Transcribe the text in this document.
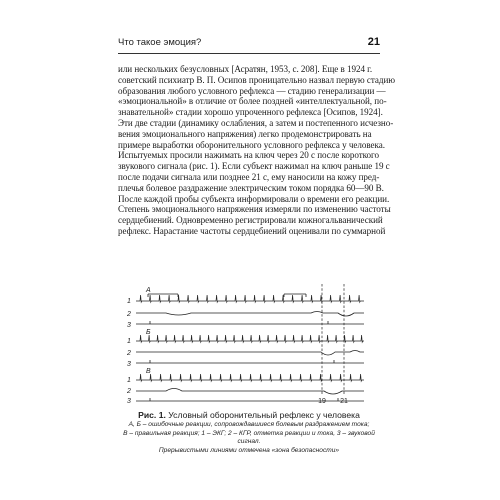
Что такое эмоция?	21
или нескольких безусловных [Асратян, 1953, с. 208]. Еще в 1924 г.
советский психиатр В. П. Осипов проницательно назвал первую стадию
образования любого условного рефлекса — стадию генерализации —
«эмоциональной» в отличие от более поздней «интеллектуальной, по-
знавательной» стадии хорошо упроченного рефлекса [Осипов, 1924].
Эти две стадии (динамику ослабления, а затем и постепенного исчезно-
вения эмоционального напряжения) легко продемонстрировать на
примере выработки оборонительного условного рефлекса у человека.
Испытуемых просили нажимать на ключ через 20 с после короткого
звукового сигнала (рис. 1). Если субъект нажимал на ключ раньше 19 с
после подачи сигнала или позднее 21 с, ему наносили на кожу пред-
плечья болевое раздражение электрическим током порядка 60—90 В.
После каждой пробы субъекта информировали о времени его реакции.
Степень эмоционального напряжения измеряли по изменению частоты
сердцебиений. Одновременно регистрировали кожногальванический
рефлекс. Нарастание частоты сердцебиений оценивали по суммарной
А
1
2
3
Б
1
2
3
В
1
2
3	19 21
Рис. 1. Условный оборонительный рефлекс у человека
А, Б – ошибочные реакции, сопровождавшиеся болевым раздражением тока;
В – правильная реакция; 1 – ЭКГ; 2 – КГР, отметка реакции и тока, 3 – звуковой сигнал.
Прерывистыми линиями отмечена «зона безопасности»
